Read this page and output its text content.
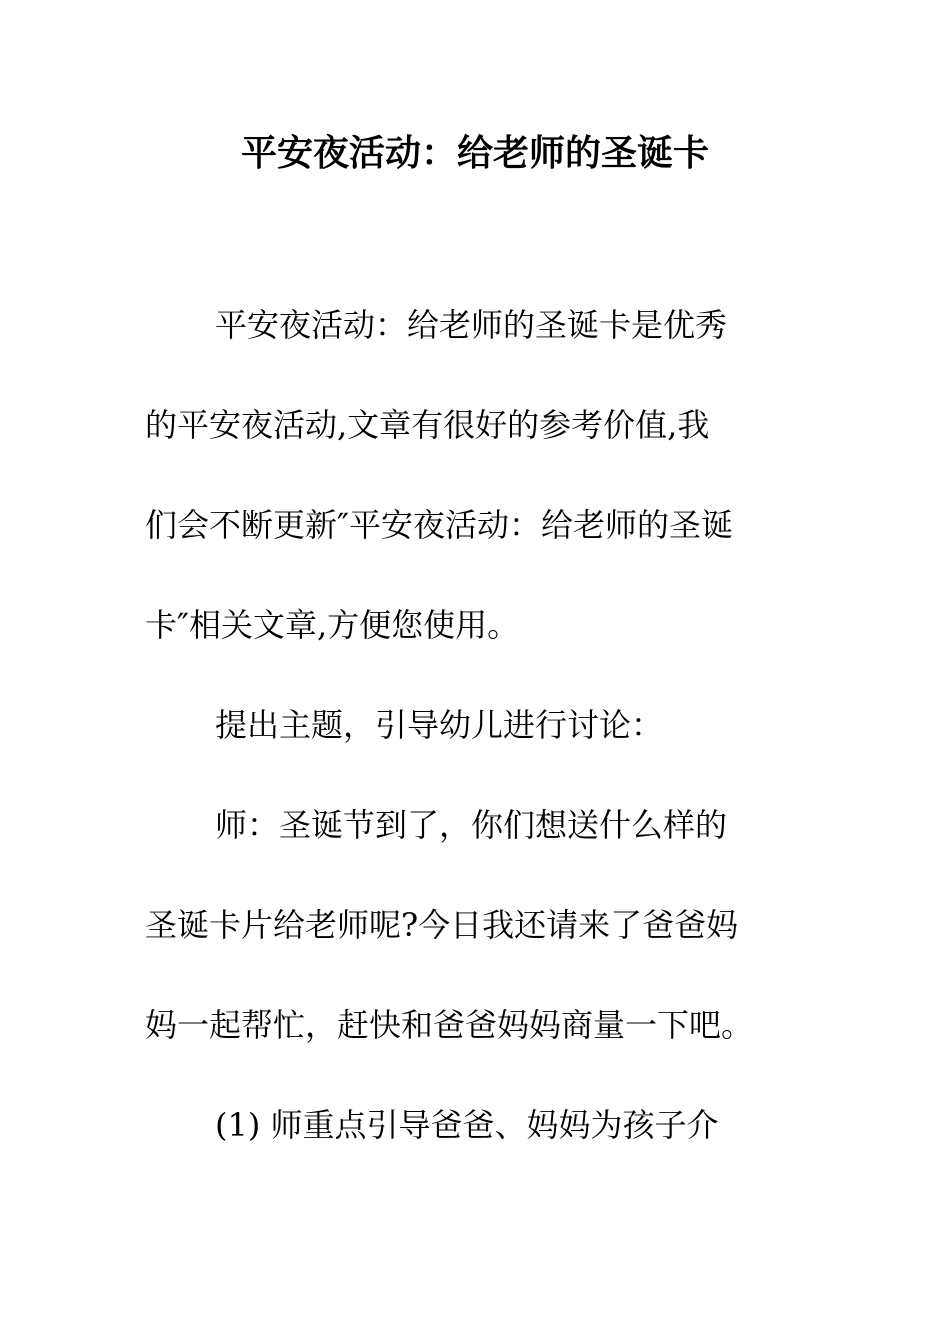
平安夜活动：给老师的圣诞卡
平安夜活动：给老师的圣诞卡是优秀
的平安夜活动,文章有很好的参考价值,我
们会不断更新″平安夜活动：给老师的圣诞
卡″相关文章,方便您使用。
提出主题，引导幼儿进行讨论：
师：圣诞节到了，你们想送什么样的
圣诞卡片给老师呢?今日我还请来了爸爸妈
妈一起帮忙，赶快和爸爸妈妈商量一下吧。
(1) 师重点引导爸爸、妈妈为孩子介
